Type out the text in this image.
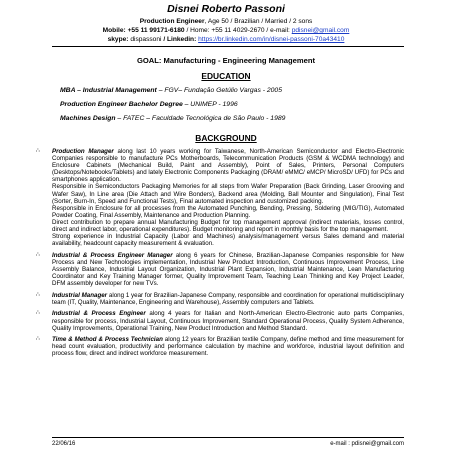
Disnei Roberto Passoni
Production Engineer, Age 50 / Brazilian / Married / 2 sons
Mobile: +55 11 99171-6180 / Home: +55 11 4029-2670 / e-mail: pdisnei@gmail.com
skype: dispassoni / Linkedin: https://br.linkedin.com/in/disnei-passoni-70a43410
GOAL: Manufacturing - Engineering Management
EDUCATION
MBA – Industrial Management – FGV– Fundação Getúlio Vargas - 2005
Production Engineer Bachelor Degree – UNIMEP - 1996
Machines Design – FATEC – Faculdade Tecnológica de São Paulo - 1989
BACKGROUND
∴ Production Manager along last 10 years working for Taiwanese, North-American Semiconductor and Electro-Electronic Companies responsible to manufacture PCs Motherboards, Telecommunication Products (GSM & WCDMA technology) and Enclosure Cabinets (Mechanical Build, Paint and Assembly), Point of Sales, Printers, Personal Computers (Desktops/Notebooks/Tablets) and lately Electronic Components Packaging (DRAM/ eMMC/ eMCP/ MicroSD/ UFD) for PCs and smartphones application.

Responsible in Semiconductors Packaging Memories for all steps from Wafer Preparation (Back Grinding, Laser Grooving and Wafer Saw), In Line area (Die Attach and Wire Bonders), Backend area (Molding, Ball Mounter and Singulation), Final Test (Sorter, Burn-In, Speed and Functional Tests), Final automated inspection and customized packing.

Responsible in Enclosure for all processes from the Automated Punching, Bending, Pressing, Soldering (MIG/TIG), Automated Powder Coating, Final Assembly, Maintenance and Production Planning.

Direct contribution to prepare annual Manufacturing Budget for top management approval (indirect materials, losses control, direct and indirect labor, operational expenditures). Budget monitoring and report in monthly basis for the top management.

Strong experience in Industrial Capacity (Labor and Machines) analysis/management versus Sales demand and material availability, headcount capacity measurement & evaluation.

∴ Industrial & Process Engineer Manager along 6 years for Chinese, Brazilian-Japanese Companies responsible for New Process and New Technologies implementation, Industrial New Product Introduction, Continuous Improvement Process, Line Assembly Balance, Industrial Layout Organization, Industrial Plant Expansion, Industrial Maintenance, Lean Manufacturing Coordinator and Key Training Manager former, Quality Improvement Team, Teaching Lean Thinking and Key Project Leader, DFM assembly developer for new TVs.

∴ Industrial Manager along 1 year for Brazilian-Japanese Company, responsible and coordination for operational multidisciplinary team (IT, Quality, Maintenance, Engineering and Warehouse), Assembly computers and Tablets.

∴ Industrial & Process Engineer along 4 years for Italian and North-American Electro-Electronic auto parts Companies, responsible for process, Industrial Layout, Continuous Improvement, Standard Operational Process, Quality System Adherence, Quality Improvements, Operational Training, New Product Introduction and Method Standard.

∴ Time & Method & Process Technician along 12 years for Brazilian textile Company, define method and time measurement for head count evaluation, productivity and performance calculation by machine and workforce, industrial layout definition and process flow, direct and indirect workforce measurement.

22/06/16	e-mail : pdisnei@gmail.com
